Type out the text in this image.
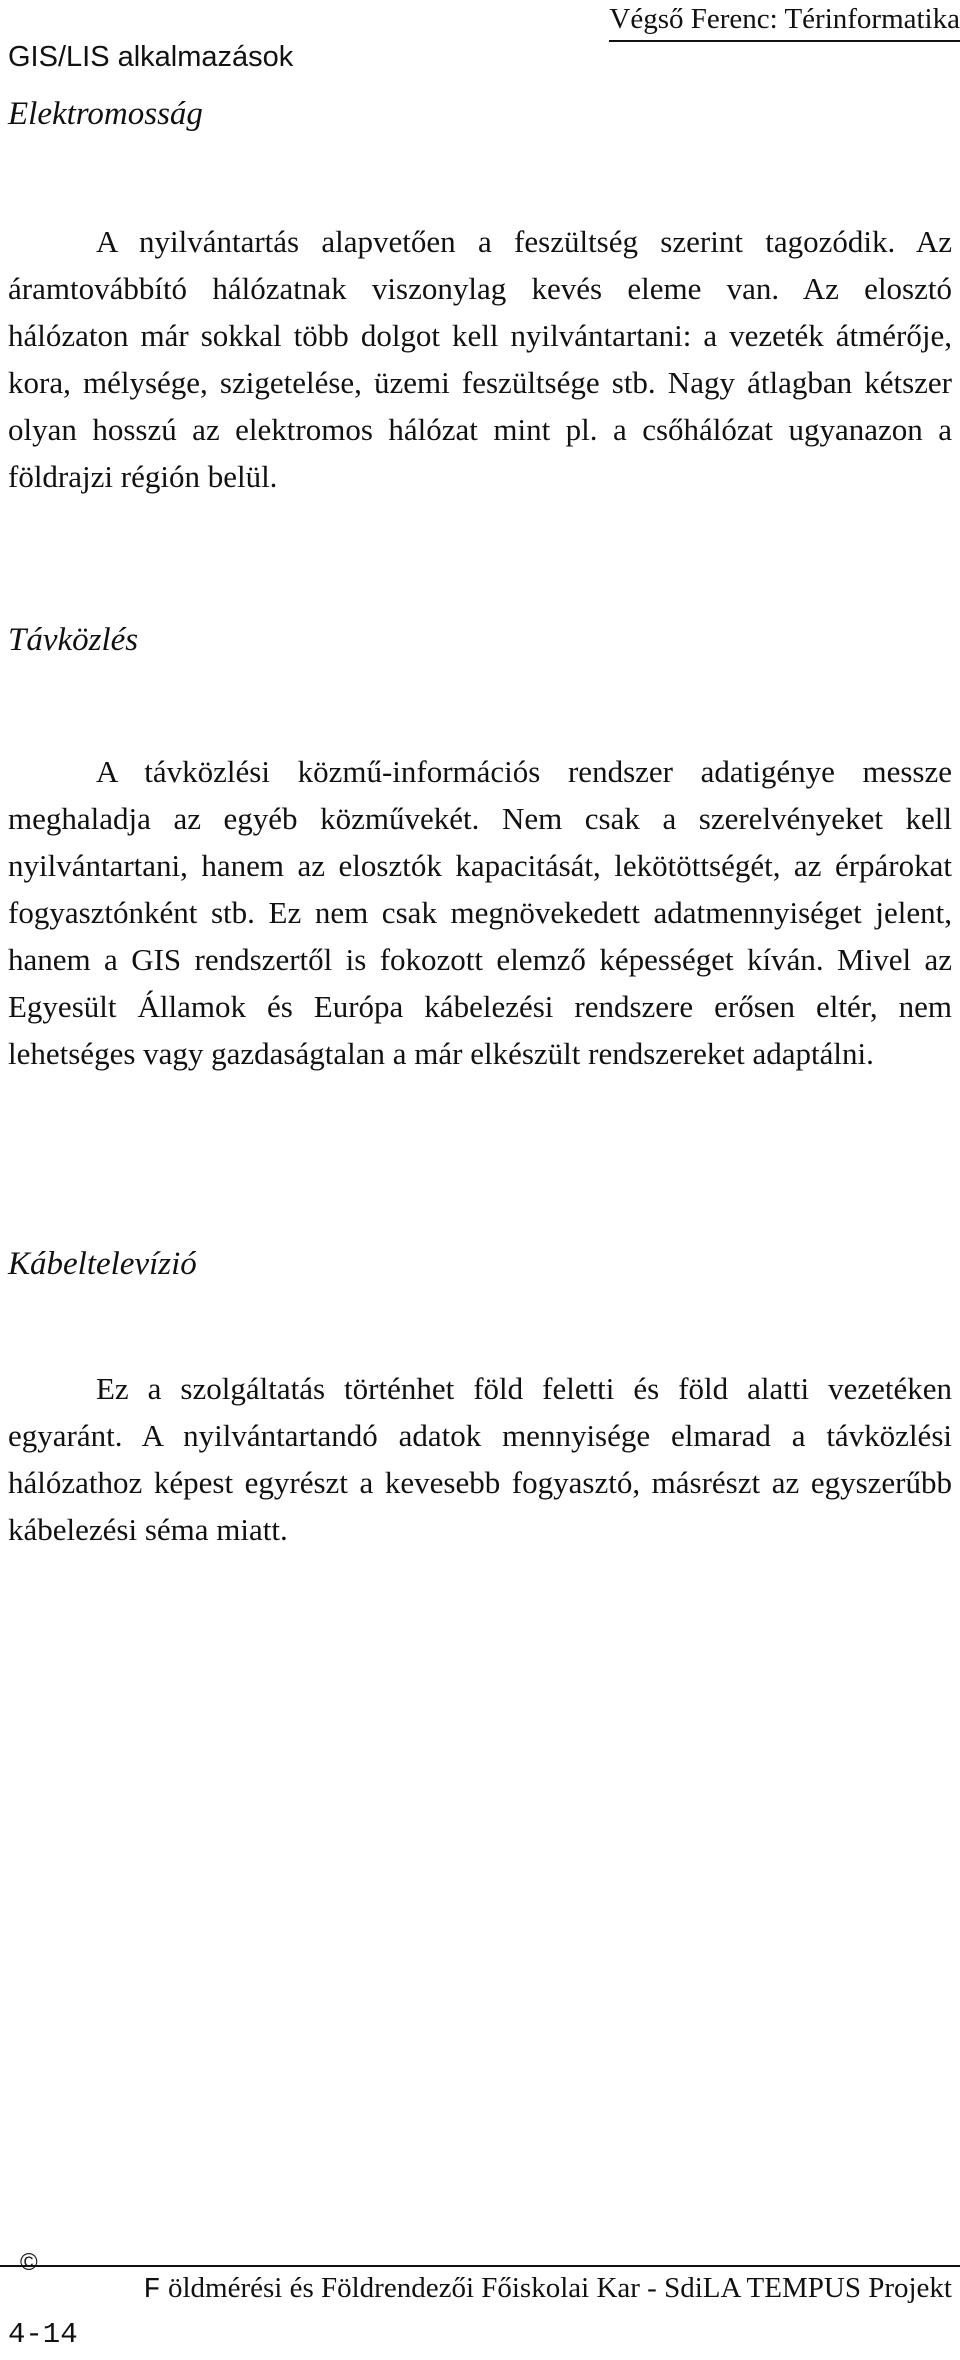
Végső Ferenc: Térinformatika
GIS/LIS alkalmazások
Elektromosság

A nyilvántartás alapvetően a feszültség szerint tagozódik. Az áramtovábbító hálózatnak viszonylag kevés eleme van. Az elosztó hálózaton már sokkal több dolgot kell nyilvántartani: a vezeték átmérője, kora, mélysége, szigetelése, üzemi feszültsége stb. Nagy átlagban kétszer olyan hosszú az elektromos hálózat mint pl. a csőhálózat ugyanazon a földrajzi régión belül.

Távközlés

A távközlési közmű-információs rendszer adatigénye messze meghaladja az egyéb közművekét. Nem csak a szerelvényeket kell nyilvántartani, hanem az elosztók kapacitását, lekötöttségét, az érpárokat fogyasztónként stb. Ez nem csak megnövekedett adatmennyiséget jelent, hanem a GIS rendszertől is fokozott elemző képességet kíván. Mivel az Egyesült Államok és Európa kábelezési rendszere erősen eltér, nem lehetséges vagy gazdaságtalan a már elkészült rendszereket adaptálni.

Kábeltelevízió

Ez a szolgáltatás történhet föld feletti és föld alatti vezetéken egyaránt. A nyilvántartandó adatok mennyisége elmarad a távközlési hálózathoz képest egyrészt a kevesebb fogyasztó, másrészt az egyszerűbb kábelezési séma miatt.

©
F öldmérési és Földrendezői Főiskolai Kar - SdiLA TEMPUS Projekt
4-14
